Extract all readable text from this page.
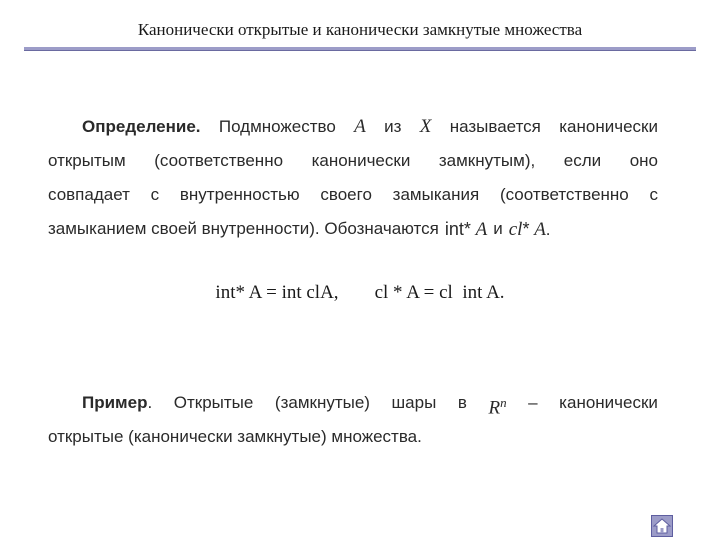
Канонически открытые и канонически замкнутые множества
Определение. Подмножество A из X называется канонически
открытым (соответственно канонически замкнутым), если оно
совпадает с внутренностью своего замыкания (соответственно с
замыканием своей внутренности). Обозначаются int* A и cl* A.
int* A = int clA, cl * A = cl  int A.
Пример. Открытые (замкнутые) шары в $R^n$ – канонически
открытые (канонически замкнутые) множества.
